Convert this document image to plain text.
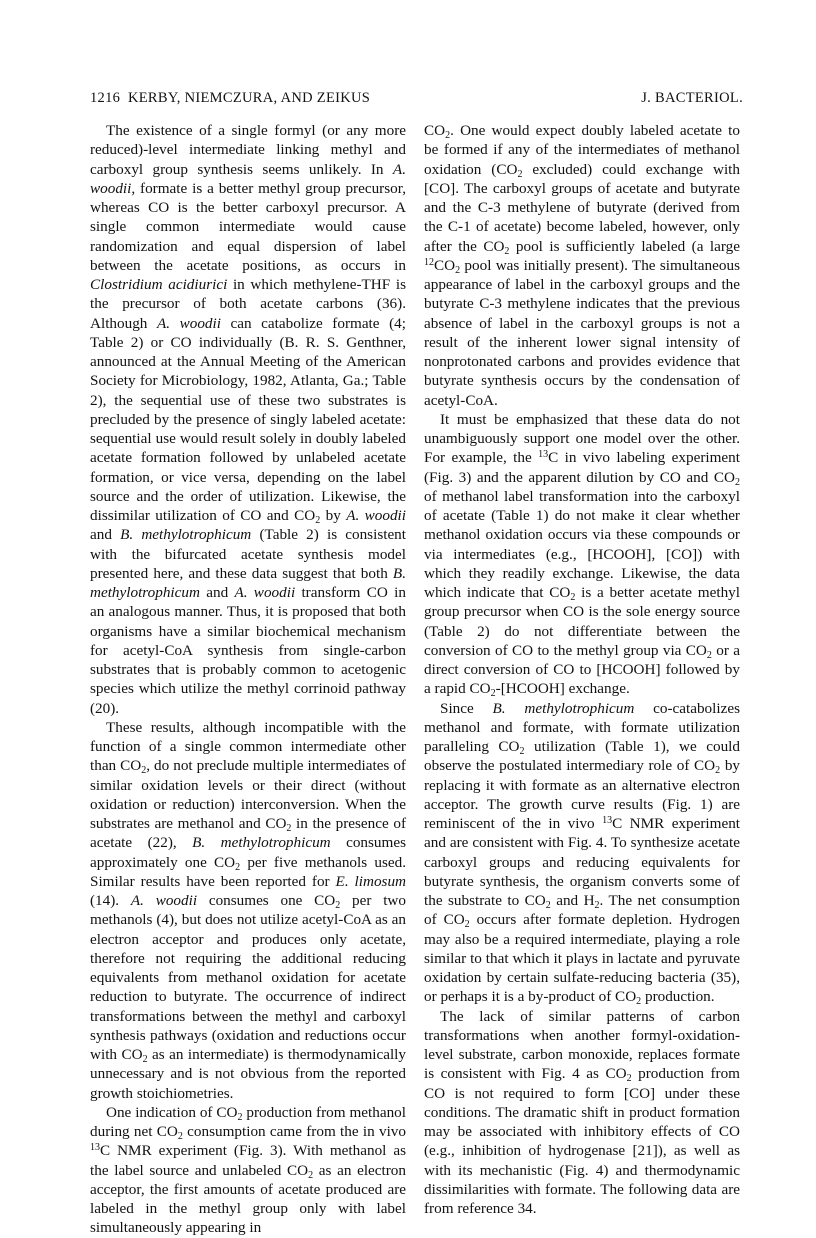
1216 KERBY, NIEMCZURA, AND ZEIKUS	J. BACTERIOL.

The existence of a single formyl (or any more reduced)-level intermediate linking methyl and carboxyl group synthesis seems unlikely. In A. woodii, formate is a better methyl group precursor, whereas CO is the better carboxyl precursor. A single common intermediate would cause randomization and equal dispersion of label between the acetate positions, as occurs in Clostridium acidiurici in which methylene-THF is the precursor of both acetate carbons (36). Although A. woodii can catabolize formate (4; Table 2) or CO individually (B. R. S. Genthner, announced at the Annual Meeting of the American Society for Microbiology, 1982, Atlanta, Ga.; Table 2), the sequential use of these two substrates is precluded by the presence of singly labeled acetate: sequential use would result solely in doubly labeled acetate formation followed by unlabeled acetate formation, or vice versa, depending on the label source and the order of utilization. Likewise, the dissimilar utilization of CO and $CO_2$ by A. woodii and B. methylotrophicum (Table 2) is consistent with the bifurcated acetate synthesis model presented here, and these data suggest that both B. methylotrophicum and A. woodii transform CO in an analogous manner. Thus, it is proposed that both organisms have a similar biochemical mechanism for acetyl-CoA synthesis from single-carbon substrates that is probably common to acetogenic species which utilize the methyl corrinoid pathway (20).

These results, although incompatible with the function of a single common intermediate other than $CO_2$, do not preclude multiple intermediates of similar oxidation levels or their direct (without oxidation or reduction) interconversion. When the substrates are methanol and $CO_2$ in the presence of acetate (22), B. methylotrophicum consumes approximately one $CO_2$ per five methanols used. Similar results have been reported for E. limosum (14). A. woodii consumes one $CO_2$ per two methanols (4), but does not utilize acetyl-CoA as an electron acceptor and produces only acetate, therefore not requiring the additional reducing equivalents from methanol oxidation for acetate reduction to butyrate. The occurrence of indirect transformations between the methyl and carboxyl synthesis pathways (oxidation and reductions occur with $CO_2$ as an intermediate) is thermodynamically unnecessary and is not obvious from the reported growth stoichiometries.

One indication of $CO_2$ production from methanol during net $CO_2$ consumption came from the in vivo $^{13}$C NMR experiment (Fig. 3). With methanol as the label source and unlabeled $CO_2$ as an electron acceptor, the first amounts of acetate produced are labeled in the methyl group only with label simultaneously appearing in

$CO_2$. One would expect doubly labeled acetate to be formed if any of the intermediates of methanol oxidation ($CO_2$ excluded) could exchange with [CO]. The carboxyl groups of acetate and butyrate and the C-3 methylene of butyrate (derived from the C-1 of acetate) become labeled, however, only after the $CO_2$ pool is sufficiently labeled (a large $^{12}CO_2$ pool was initially present). The simultaneous appearance of label in the carboxyl groups and the butyrate C-3 methylene indicates that the previous absence of label in the carboxyl groups is not a result of the inherent lower signal intensity of nonprotonated carbons and provides evidence that butyrate synthesis occurs by the condensation of acetyl-CoA.

It must be emphasized that these data do not unambiguously support one model over the other. For example, the $^{13}$C in vivo labeling experiment (Fig. 3) and the apparent dilution by CO and $CO_2$ of methanol label transformation into the carboxyl of acetate (Table 1) do not make it clear whether methanol oxidation occurs via these compounds or via intermediates (e.g., [HCOOH], [CO]) with which they readily exchange. Likewise, the data which indicate that $CO_2$ is a better acetate methyl group precursor when CO is the sole energy source (Table 2) do not differentiate between the conversion of CO to the methyl group via $CO_2$ or a direct conversion of CO to [HCOOH] followed by a rapid $CO_2-[HCOOH]$ exchange.

Since B. methylotrophicum co-catabolizes methanol and formate, with formate utilization paralleling $CO_2$ utilization (Table 1), we could observe the postulated intermediary role of $CO_2$ by replacing it with formate as an alternative electron acceptor. The growth curve results (Fig. 1) are reminiscent of the in vivo $^{13}$C NMR experiment and are consistent with Fig. 4. To synthesize acetate carboxyl groups and reducing equivalents for butyrate synthesis, the organism converts some of the substrate to $CO_2$ and $H_2$. The net consumption of $CO_2$ occurs after formate depletion. Hydrogen may also be a required intermediate, playing a role similar to that which it plays in lactate and pyruvate oxidation by certain sulfate-reducing bacteria (35), or perhaps it is a by-product of $CO_2$ production.

The lack of similar patterns of carbon transformations when another formyl-oxidation-level substrate, carbon monoxide, replaces formate is consistent with Fig. 4 as $CO_2$ production from CO is not required to form [CO] under these conditions. The dramatic shift in product formation may be associated with inhibitory effects of CO (e.g., inhibition of hydrogenase [21]), as well as with its mechanistic (Fig. 4) and thermodynamic dissimilarities with formate. The following data are from reference 34.
